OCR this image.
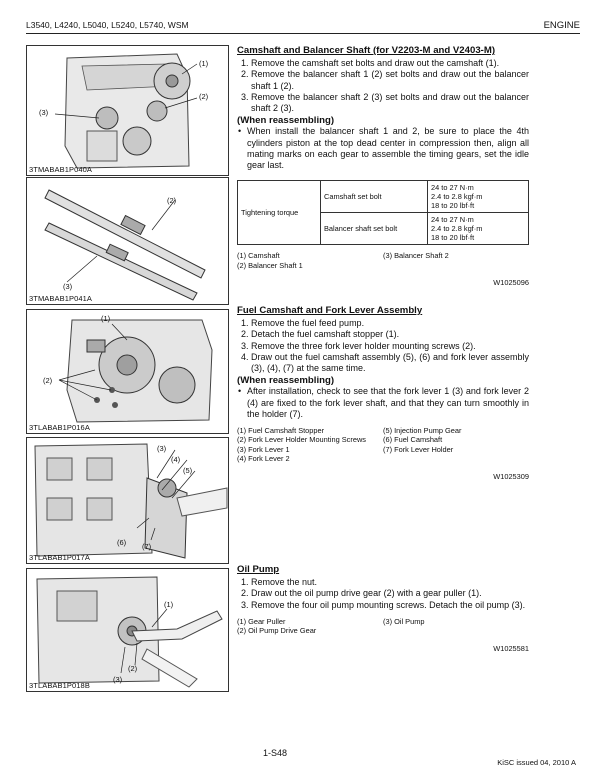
L3540, L4240, L5040, L5240, L5740, WSM	ENGINE
(1)
(2)
(3)
3TMABAB1P040A
(2)
(3)
3TMABAB1P041A
(1)
(2)
3TLABAB1P016A
(3)
(4)
(5)
(6) (7)
3TLABAB1P017A
(1)
(2)
(3)
3TLABAB1P018B
Camshaft and Balancer Shaft (for V2203-M and V2403-M)
1. Remove the camshaft set bolts and draw out the camshaft (1).
2. Remove the balancer shaft 1 (2) set bolts and draw out the balancer shaft 1 (2).
3. Remove the balancer shaft 2 (3) set bolts and draw out the balancer shaft 2 (3).
(When reassembling)
• When install the balancer shaft 1 and 2, be sure to place the 4th cylinders piston at the top dead center in compression then, align all mating marks on each gear to assemble the timing gears, set the idle gear last.
Tightening torque	Camshaft set bolt	24 to 27 N·m
2.4 to 2.8 kgf·m
18 to 20 lbf·ft

	Balancer shaft set bolt	24 to 27 N·m
2.4 to 2.8 kgf·m
18 to 20 lbf·ft
(1) Camshaft	(3) Balancer Shaft 2
(2) Balancer Shaft 1
W1025096
Fuel Camshaft and Fork Lever Assembly
1. Remove the fuel feed pump.
2. Detach the fuel camshaft stopper (1).
3. Remove the three fork lever holder mounting screws (2).
4. Draw out the fuel camshaft assembly (5), (6) and fork lever assembly (3), (4), (7) at the same time.
(When reassembling)
• After installation, check to see that the fork lever 1 (3) and fork lever 2 (4) are fixed to the fork lever shaft, and that they can turn smoothly in the holder (7).
(1) Fuel Camshaft Stopper	(5) Injection Pump Gear
(2) Fork Lever Holder Mounting Screws	(6) Fuel Camshaft
(3) Fork Lever 1	(7) Fork Lever Holder
(4) Fork Lever 2
W1025309
Oil Pump
1. Remove the nut.
2. Draw out the oil pump drive gear (2) with a gear puller (1).
3. Remove the four oil pump mounting screws. Detach the oil pump (3).
(1) Gear Puller	(3) Oil Pump
(2) Oil Pump Drive Gear
W1025581
1-S48
KiSC issued 04, 2010 A
